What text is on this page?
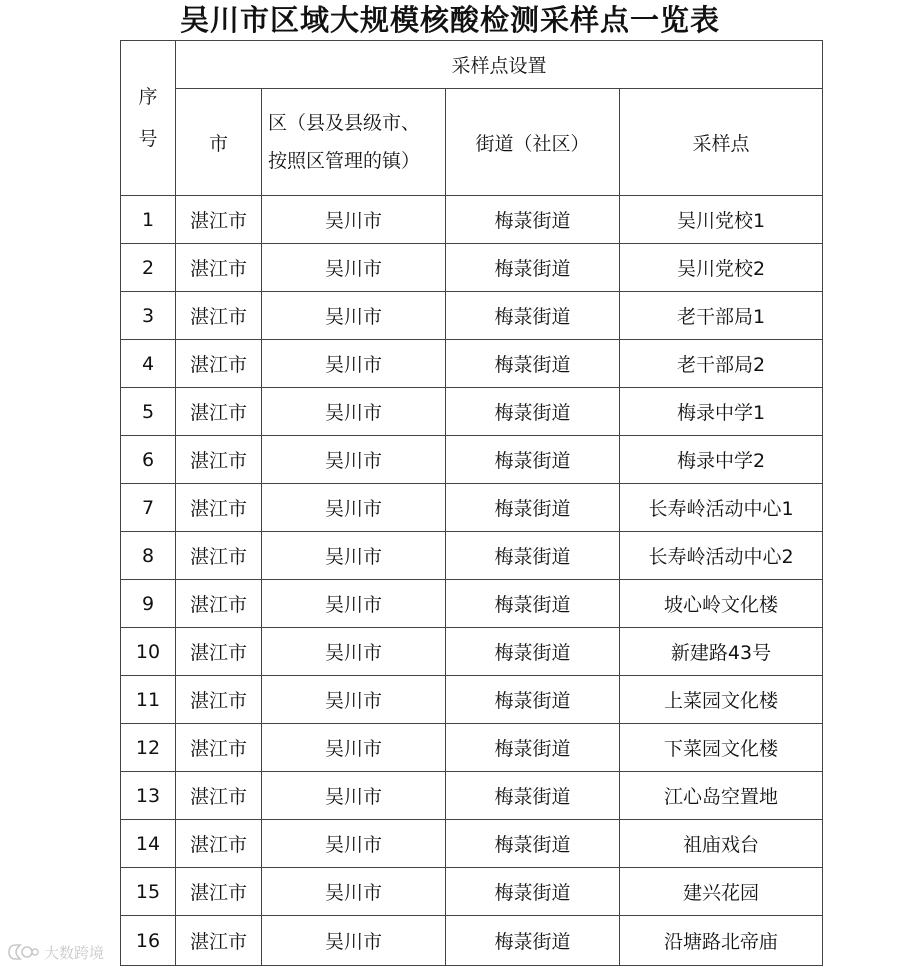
吴川市区域大规模核酸检测采样点一览表
序
号	采样点设置			
	市	区（县及县级市、
按照区管理的镇）	街道（社区）	采样点
1	湛江市	吴川市	梅菉街道	吴川党校1
2	湛江市	吴川市	梅菉街道	吴川党校2
3	湛江市	吴川市	梅菉街道	老干部局1
4	湛江市	吴川市	梅菉街道	老干部局2
5	湛江市	吴川市	梅菉街道	梅录中学1
6	湛江市	吴川市	梅菉街道	梅录中学2
7	湛江市	吴川市	梅菉街道	长寿岭活动中心1
8	湛江市	吴川市	梅菉街道	长寿岭活动中心2
9	湛江市	吴川市	梅菉街道	坡心岭文化楼
10	湛江市	吴川市	梅菉街道	新建路43号
11	湛江市	吴川市	梅菉街道	上菜园文化楼
12	湛江市	吴川市	梅菉街道	下菜园文化楼
13	湛江市	吴川市	梅菉街道	江心岛空置地
14	湛江市	吴川市	梅菉街道	祖庙戏台
15	湛江市	吴川市	梅菉街道	建兴花园
16	湛江市	吴川市	梅菉街道	沿塘路北帝庙
大数跨境
